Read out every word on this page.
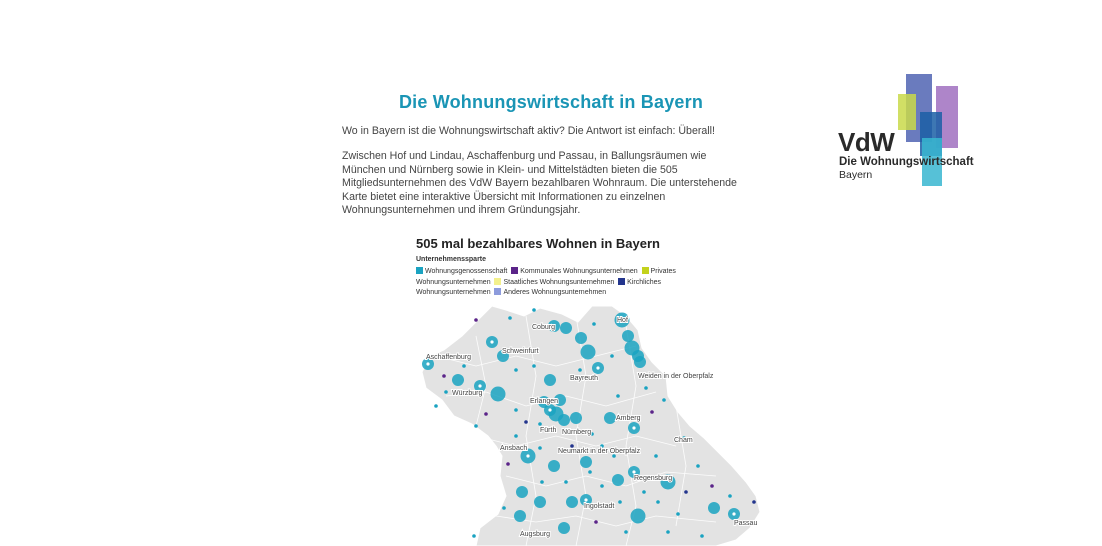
Die Wohnungswirtschaft in Bayern

Wo in Bayern ist die Wohnungswirtschaft aktiv? Die Antwort ist einfach: Überall!

Zwischen Hof und Lindau, Aschaffenburg und Passau, in Ballungsräumen wie München und Nürnberg sowie in Klein- und Mittelstädten bieten die 505 Mitgliedsunternehmen des VdW Bayern bezahlbaren Wohnraum. Die unterstehende Karte bietet eine interaktive Übersicht mit Informationen zu einzelnen Wohnungsunternehmen und ihrem Gründungsjahr.

VdW
Die Wohnungswirtschaft
Bayern
505 mal bezahlbares Wohnen in Bayern
Unternehmenssparte
Wohnungsgenossenschaft Kommunales Wohnungsunternehmen Privates Wohnungsunternehmen Staatliches Wohnungsunternehmen Kirchliches Wohnungsunternehmen Anderes Wohnungsunternehmen
Hof
Coburg
Schweinfurt
Aschaffenburg
Bayreuth
Würzburg
Weiden in der Oberpfalz
Erlangen
Fürth Nürnberg
Amberg
Ansbach	Neumarkt in der Oberpfalz
Cham
Regensburg
Ingolstadt
Passau
Augsburg
